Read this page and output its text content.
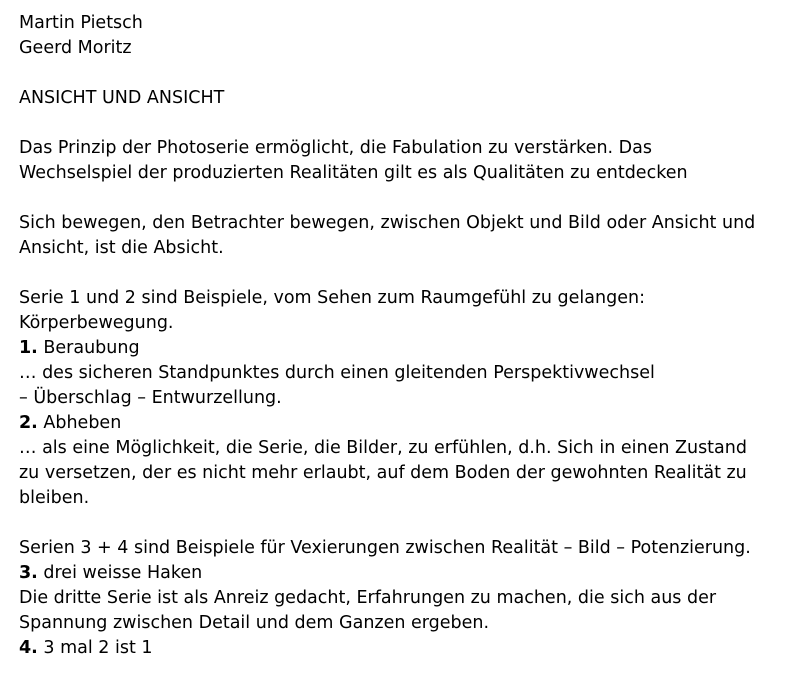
Martin Pietsch
Geerd Moritz
ANSICHT UND ANSICHT
Das Prinzip der Photoserie ermöglicht, die Fabulation zu verstärken. Das
Wechselspiel der produzierten Realitäten gilt es als Qualitäten zu entdecken
Sich bewegen, den Betrachter bewegen, zwischen Objekt und Bild oder Ansicht und
Ansicht, ist die Absicht.
Serie 1 und 2 sind Beispiele, vom Sehen zum Raumgefühl zu gelangen:
Körperbewegung.
1. Beraubung
… des sicheren Standpunktes durch einen gleitenden Perspektivwechsel
– Überschlag – Entwurzellung.
2. Abheben
… als eine Möglichkeit, die Serie, die Bilder, zu erfühlen, d.h. Sich in einen Zustand
zu versetzen, der es nicht mehr erlaubt, auf dem Boden der gewohnten Realität zu
bleiben.
Serien 3 + 4 sind Beispiele für Vexierungen zwischen Realität – Bild – Potenzierung.
3. drei weisse Haken
Die dritte Serie ist als Anreiz gedacht, Erfahrungen zu machen, die sich aus der
Spannung zwischen Detail und dem Ganzen ergeben.
4. 3 mal 2 ist 1
